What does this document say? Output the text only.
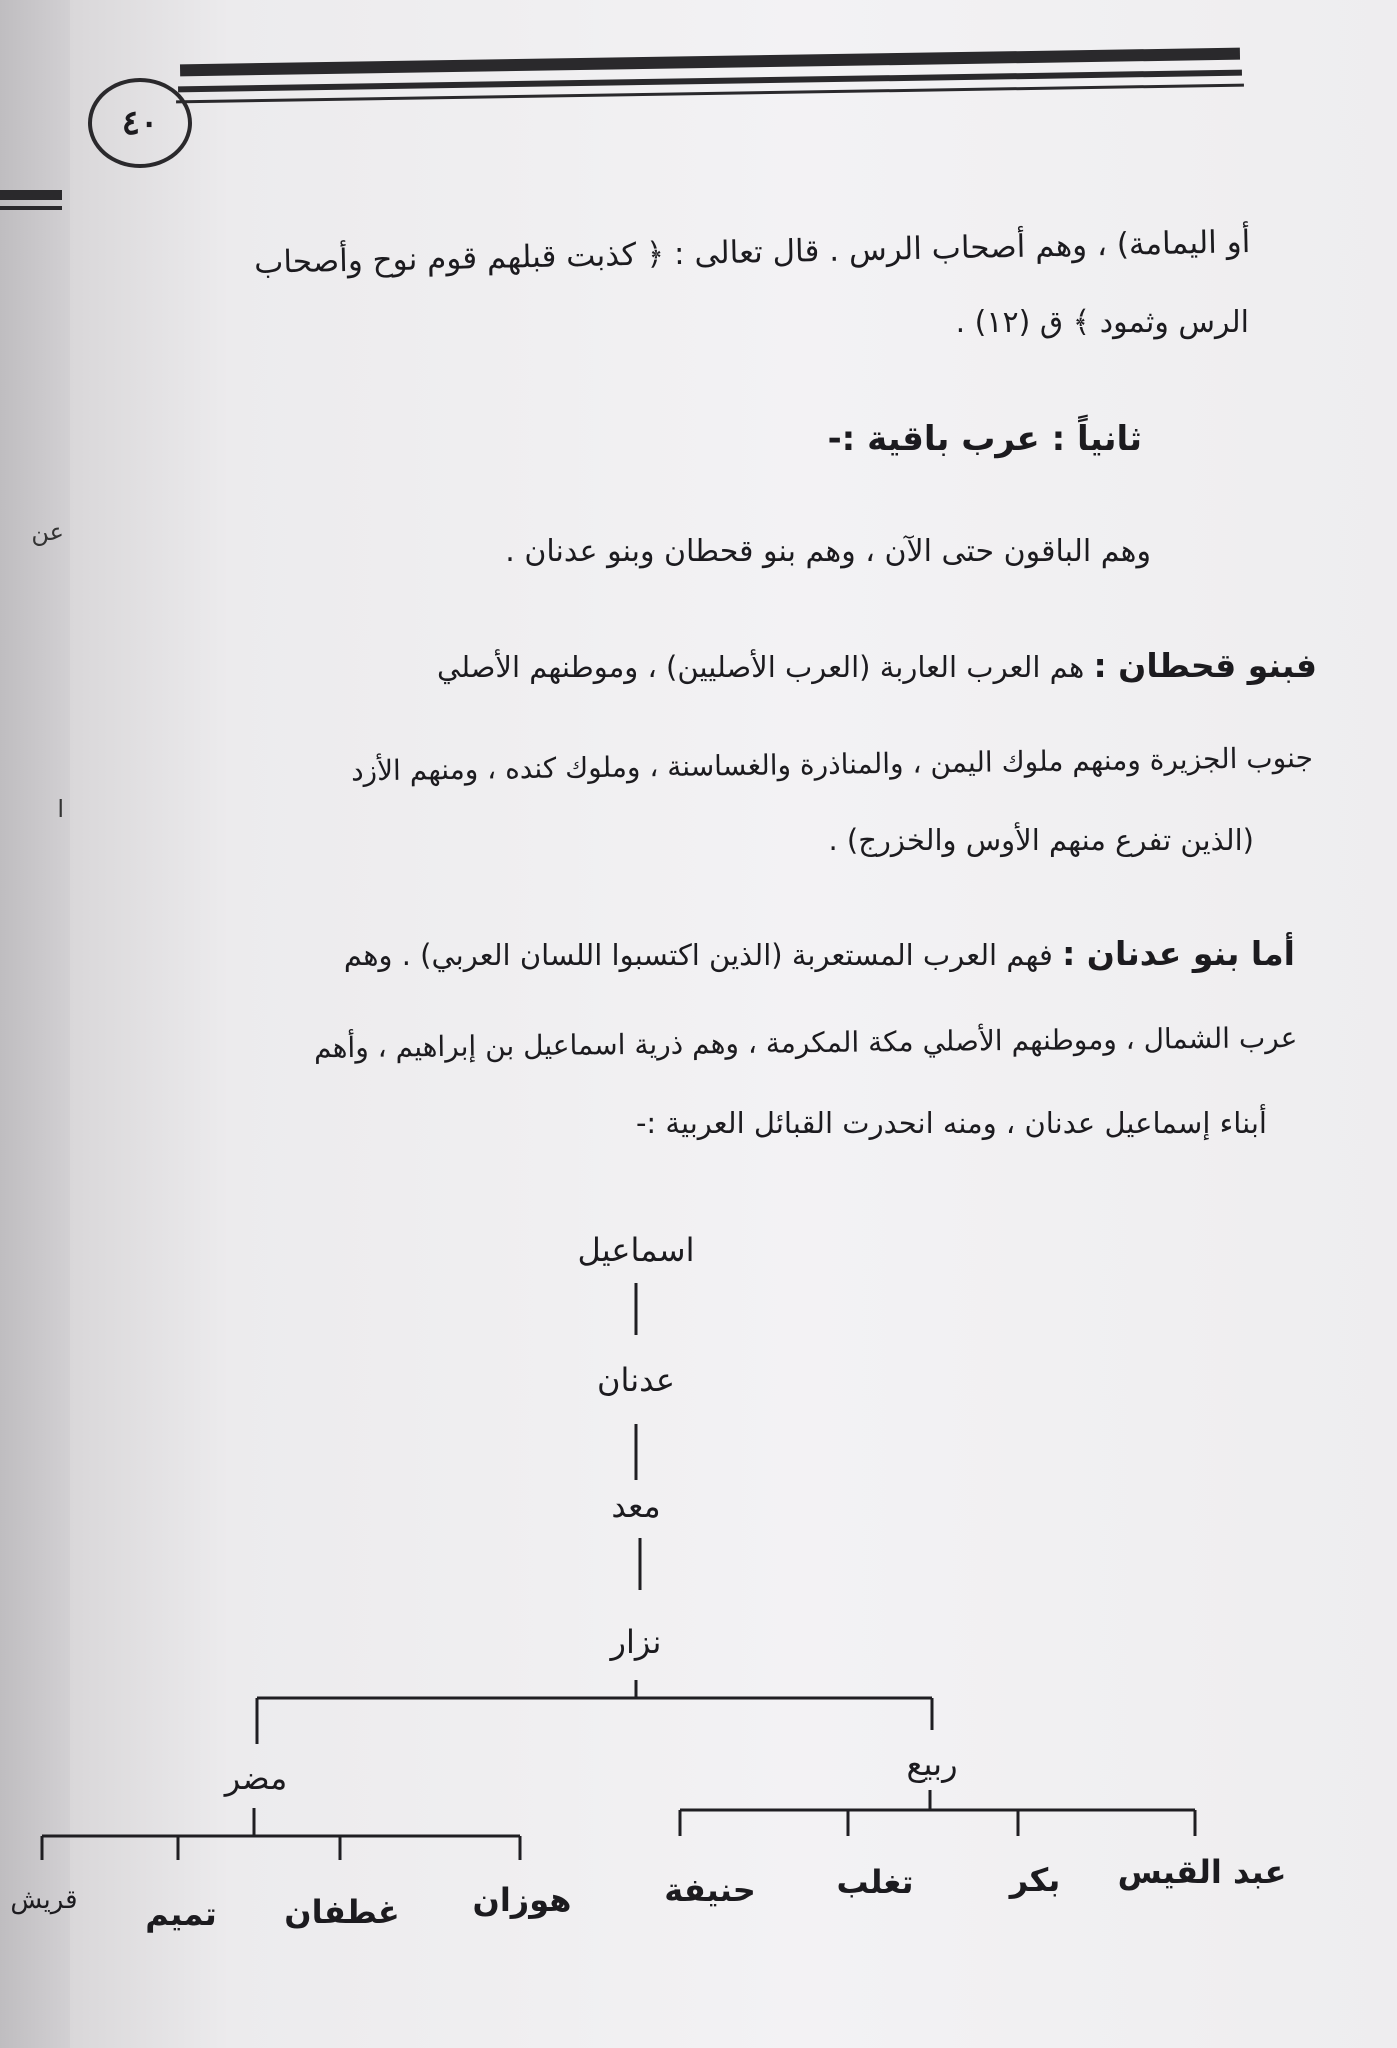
عن
ا
٤٠
أو اليمامة) ، وهم أصحاب الرس . قال تعالى : ﴿ كذبت قبلهم قوم نوح وأصحاب
الرس وثمود ﴾ ق (١٢) .
ثانياً : عرب باقية :-
وهم الباقون حتى الآن ، وهم بنو قحطان وبنو عدنان .
فبنو قحطان : هم العرب العاربة (العرب الأصليين) ، وموطنهم الأصلي
جنوب الجزيرة ومنهم ملوك اليمن ، والمناذرة والغساسنة ، وملوك كنده ، ومنهم الأزد
(الذين تفرع منهم الأوس والخزرج) .
أما بنو عدنان : فهم العرب المستعربة (الذين اكتسبوا اللسان العربي) . وهم
عرب الشمال ، وموطنهم الأصلي مكة المكرمة ، وهم ذرية اسماعيل بن إبراهيم ، وأهم
أبناء إسماعيل عدنان ، ومنه انحدرت القبائل العربية :-
اسماعيل
عدنان
معد
نزار
ربيع
مضر
عبد القيس
بكر
تغلب
حنيفة
هوزان
غطفان
تميم
قريش
